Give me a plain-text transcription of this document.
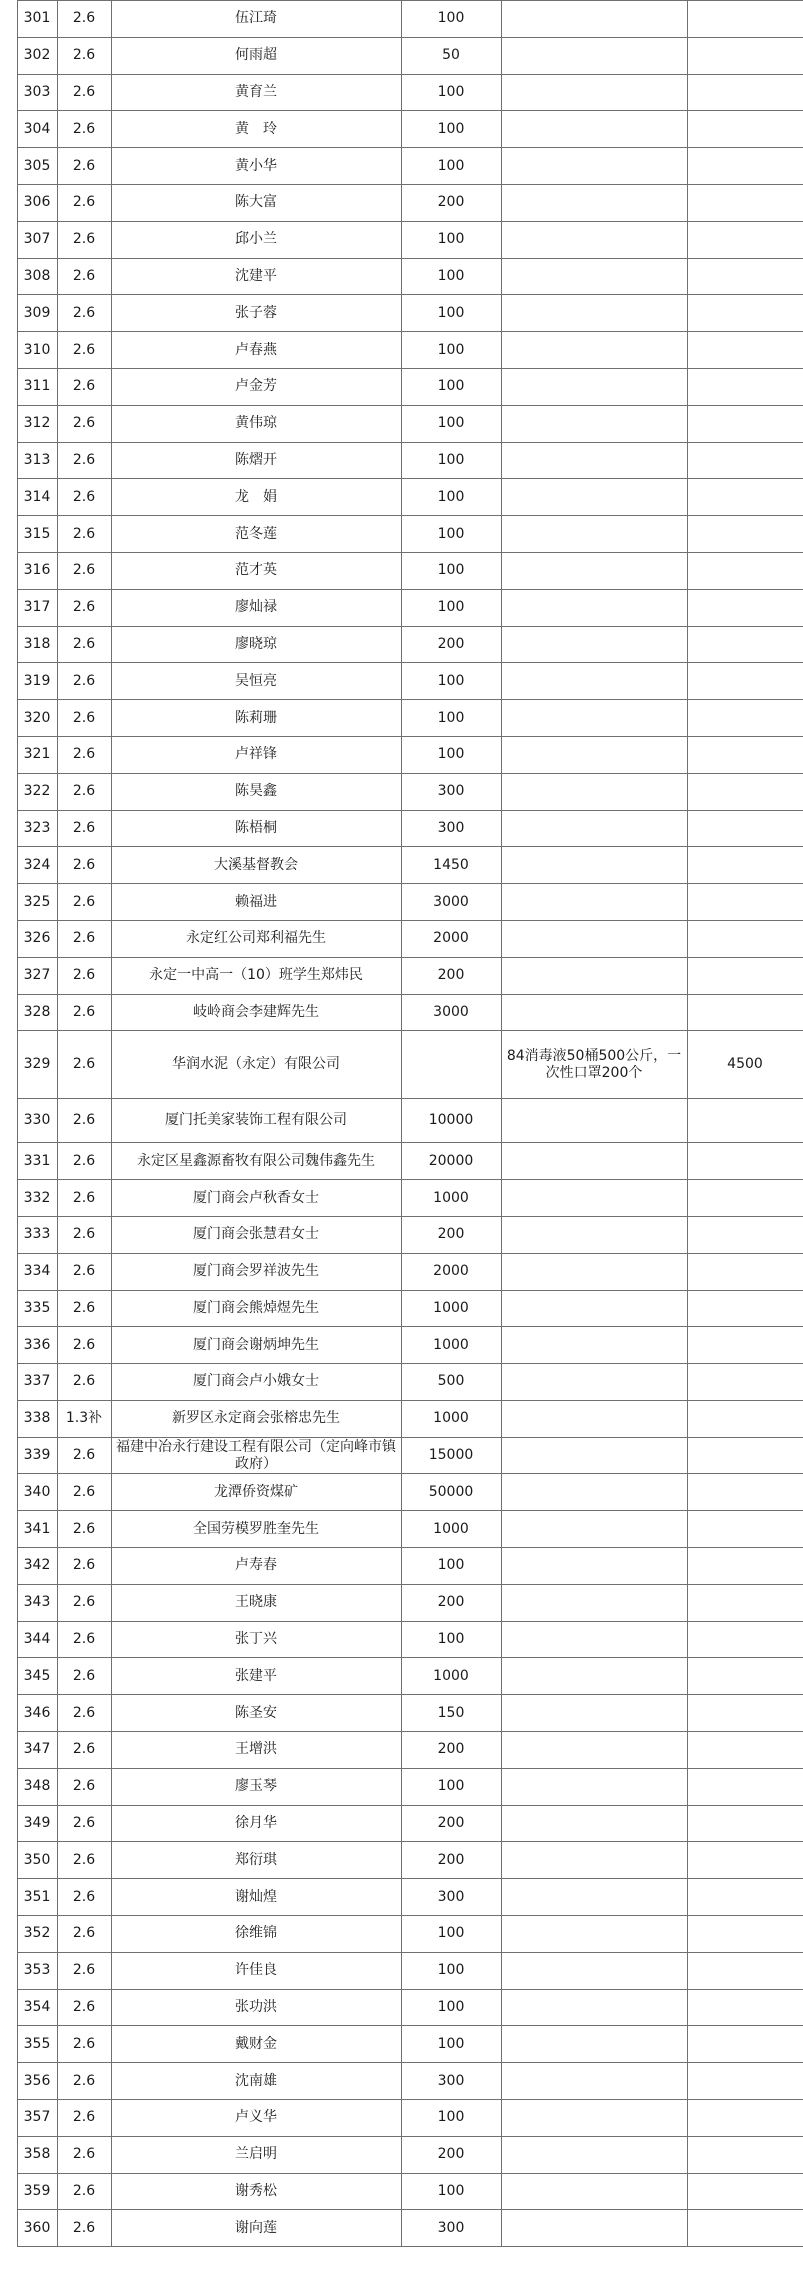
	301	2.6	伍江琦	100		
	302	2.6	何雨超	50		
	303	2.6	黄育兰	100		
	304	2.6	黄　玲	100		
	305	2.6	黄小华	100		
	306	2.6	陈大富	200		
	307	2.6	邱小兰	100		
	308	2.6	沈建平	100		
	309	2.6	张子蓉	100		
	310	2.6	卢春燕	100		
	311	2.6	卢金芳	100		
	312	2.6	黄伟琼	100		
	313	2.6	陈熠开	100		
	314	2.6	龙　娟	100		
	315	2.6	范冬莲	100		
	316	2.6	范才英	100		
	317	2.6	廖灿禄	100		
	318	2.6	廖晓琼	200		
	319	2.6	吴恒亮	100		
	320	2.6	陈莉珊	100		
	321	2.6	卢祥锋	100		
	322	2.6	陈昊鑫	300		
	323	2.6	陈梧桐	300		
	324	2.6	大溪基督教会	1450		
	325	2.6	赖福进	3000		
	326	2.6	永定红公司郑利福先生	2000		
	327	2.6	永定一中高一（10）班学生郑炜民	200		
	328	2.6	岐岭商会李建辉先生	3000		
	329	2.6	华润水泥（永定）有限公司		84消毒液50桶500公斤，一次性口罩200个	4500
	330	2.6	厦门托美家装饰工程有限公司	10000		
	331	2.6	永定区星鑫源畜牧有限公司魏伟鑫先生	20000		
	332	2.6	厦门商会卢秋香女士	1000		
	333	2.6	厦门商会张慧君女士	200		
	334	2.6	厦门商会罗祥波先生	2000		
	335	2.6	厦门商会熊焯煜先生	1000		
	336	2.6	厦门商会谢炳坤先生	1000		
	337	2.6	厦门商会卢小娥女士	500		
	338	1.3补	新罗区永定商会张榕忠先生	1000		
	339	2.6	福建中冶永行建设工程有限公司（定向峰市镇政府）	15000		
	340	2.6	龙潭侨资煤矿	50000		
	341	2.6	全国劳模罗胜奎先生	1000		
	342	2.6	卢寿春	100		
	343	2.6	王晓康	200		
	344	2.6	张丁兴	100		
	345	2.6	张建平	1000		
	346	2.6	陈圣安	150		
	347	2.6	王增洪	200		
	348	2.6	廖玉琴	100		
	349	2.6	徐月华	200		
	350	2.6	郑衍琪	200		
	351	2.6	谢灿煌	300		
	352	2.6	徐维锦	100		
	353	2.6	许佳良	100		
	354	2.6	张功洪	100		
	355	2.6	戴财金	100		
	356	2.6	沈南雄	300		
	357	2.6	卢义华	100		
	358	2.6	兰启明	200		
	359	2.6	谢秀松	100		
	360	2.6	谢向莲	300		
